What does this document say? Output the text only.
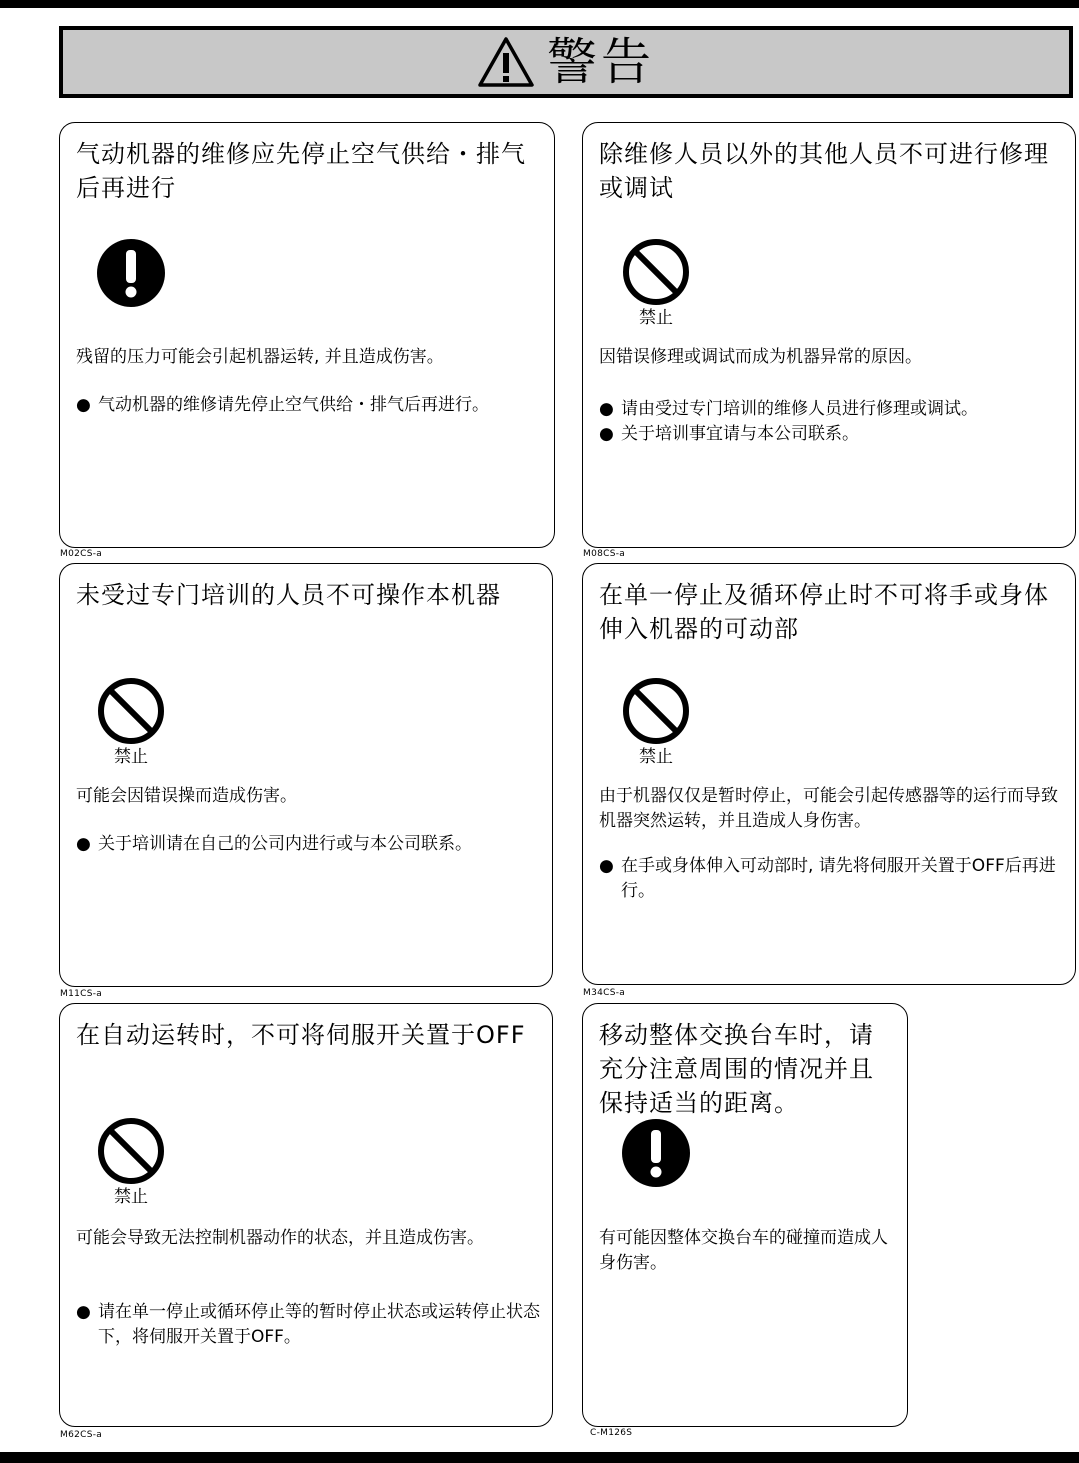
警告
气动机器的维修应先停止空气供给・排气后再进行
残留的压力可能会引起机器运转, 并且造成伤害。
● 气动机器的维修请先停止空气供给・排气后再进行。
M02CS-a
除维修人员以外的其他人员不可进行修理或调试
禁止
因错误修理或调试而成为机器异常的原因。
● 请由受过专门培训的维修人员进行修理或调试。
● 关于培训事宜请与本公司联系。
M08CS-a
未受过专门培训的人员不可操作本机器
禁止
可能会因错误操而造成伤害。
● 关于培训请在自己的公司内进行或与本公司联系。
M11CS-a
在单一停止及循环停止时不可将手或身体伸入机器的可动部
禁止
由于机器仅仅是暂时停止，可能会引起传感器等的运行而导致机器突然运转，并且造成人身伤害。
● 在手或身体伸入可动部时, 请先将伺服开关置于OFF后再进行。
M34CS-a
在自动运转时，不可将伺服开关置于OFF
禁止
可能会导致无法控制机器动作的状态，并且造成伤害。
● 请在单一停止或循环停止等的暂时停止状态或运转停止状态下，将伺服开关置于OFF。
M62CS-a
移动整体交换台车时，请充分注意周围的情况并且保持适当的距离。
有可能因整体交换台车的碰撞而造成人身伤害。
C-M126S
